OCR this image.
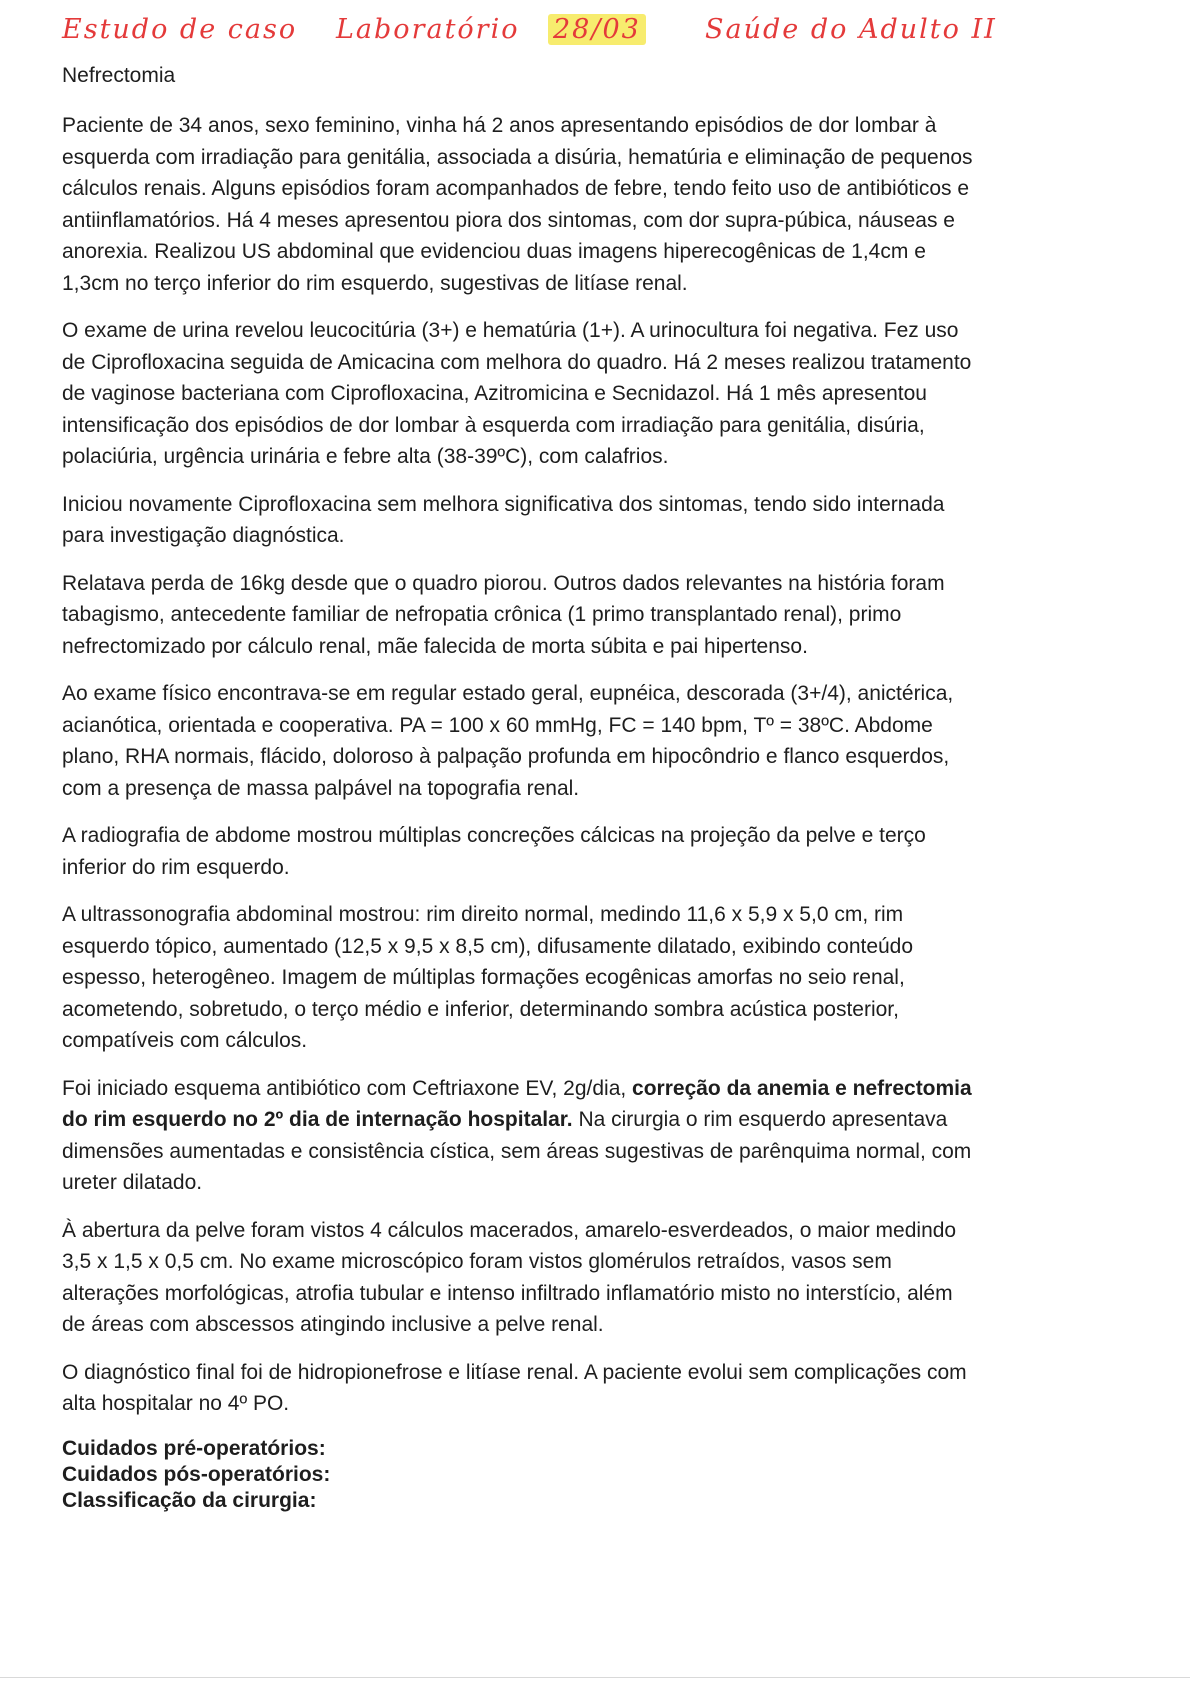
Estudo de caso Laboratório 28/03 Saúde do Adulto II
Nefrectomia

Paciente de 34 anos, sexo feminino, vinha há 2 anos apresentando episódios de dor lombar à
esquerda com irradiação para genitália, associada a disúria, hematúria e eliminação de pequenos
cálculos renais. Alguns episódios foram acompanhados de febre, tendo feito uso de antibióticos e
antiinflamatórios. Há 4 meses apresentou piora dos sintomas, com dor supra-púbica, náuseas e
anorexia. Realizou US abdominal que evidenciou duas imagens hiperecogênicas de 1,4cm e
1,3cm no terço inferior do rim esquerdo, sugestivas de litíase renal.

O exame de urina revelou leucocitúria (3+) e hematúria (1+). A urinocultura foi negativa. Fez uso
de Ciprofloxacina seguida de Amicacina com melhora do quadro. Há 2 meses realizou tratamento
de vaginose bacteriana com Ciprofloxacina, Azitromicina e Secnidazol. Há 1 mês apresentou
intensificação dos episódios de dor lombar à esquerda com irradiação para genitália, disúria,
polaciúria, urgência urinária e febre alta (38-39ºC), com calafrios.

Iniciou novamente Ciprofloxacina sem melhora significativa dos sintomas, tendo sido internada
para investigação diagnóstica.

Relatava perda de 16kg desde que o quadro piorou. Outros dados relevantes na história foram
tabagismo, antecedente familiar de nefropatia crônica (1 primo transplantado renal), primo
nefrectomizado por cálculo renal, mãe falecida de morta súbita e pai hipertenso.

Ao exame físico encontrava-se em regular estado geral, eupnéica, descorada (3+/4), anictérica,
acianótica, orientada e cooperativa. PA = 100 x 60 mmHg, FC = 140 bpm, Tº = 38ºC. Abdome
plano, RHA normais, flácido, doloroso à palpação profunda em hipocôndrio e flanco esquerdos,
com a presença de massa palpável na topografia renal.

A radiografia de abdome mostrou múltiplas concreções cálcicas na projeção da pelve e terço
inferior do rim esquerdo.

A ultrassonografia abdominal mostrou: rim direito normal, medindo 11,6 x 5,9 x 5,0 cm, rim
esquerdo tópico, aumentado (12,5 x 9,5 x 8,5 cm), difusamente dilatado, exibindo conteúdo
espesso, heterogêneo. Imagem de múltiplas formações ecogênicas amorfas no seio renal,
acometendo, sobretudo, o terço médio e inferior, determinando sombra acústica posterior,
compatíveis com cálculos.

Foi iniciado esquema antibiótico com Ceftriaxone EV, 2g/dia, correção da anemia e nefrectomia
do rim esquerdo no 2º dia de internação hospitalar. Na cirurgia o rim esquerdo apresentava
dimensões aumentadas e consistência cística, sem áreas sugestivas de parênquima normal, com
ureter dilatado.

À abertura da pelve foram vistos 4 cálculos macerados, amarelo-esverdeados, o maior medindo
3,5 x 1,5 x 0,5 cm. No exame microscópico foram vistos glomérulos retraídos, vasos sem
alterações morfológicas, atrofia tubular e intenso infiltrado inflamatório misto no interstício, além
de áreas com abscessos atingindo inclusive a pelve renal.

O diagnóstico final foi de hidropionefrose e litíase renal. A paciente evolui sem complicações com
alta hospitalar no 4º PO.

Cuidados pré-operatórios:
Cuidados pós-operatórios:
Classificação da cirurgia:
